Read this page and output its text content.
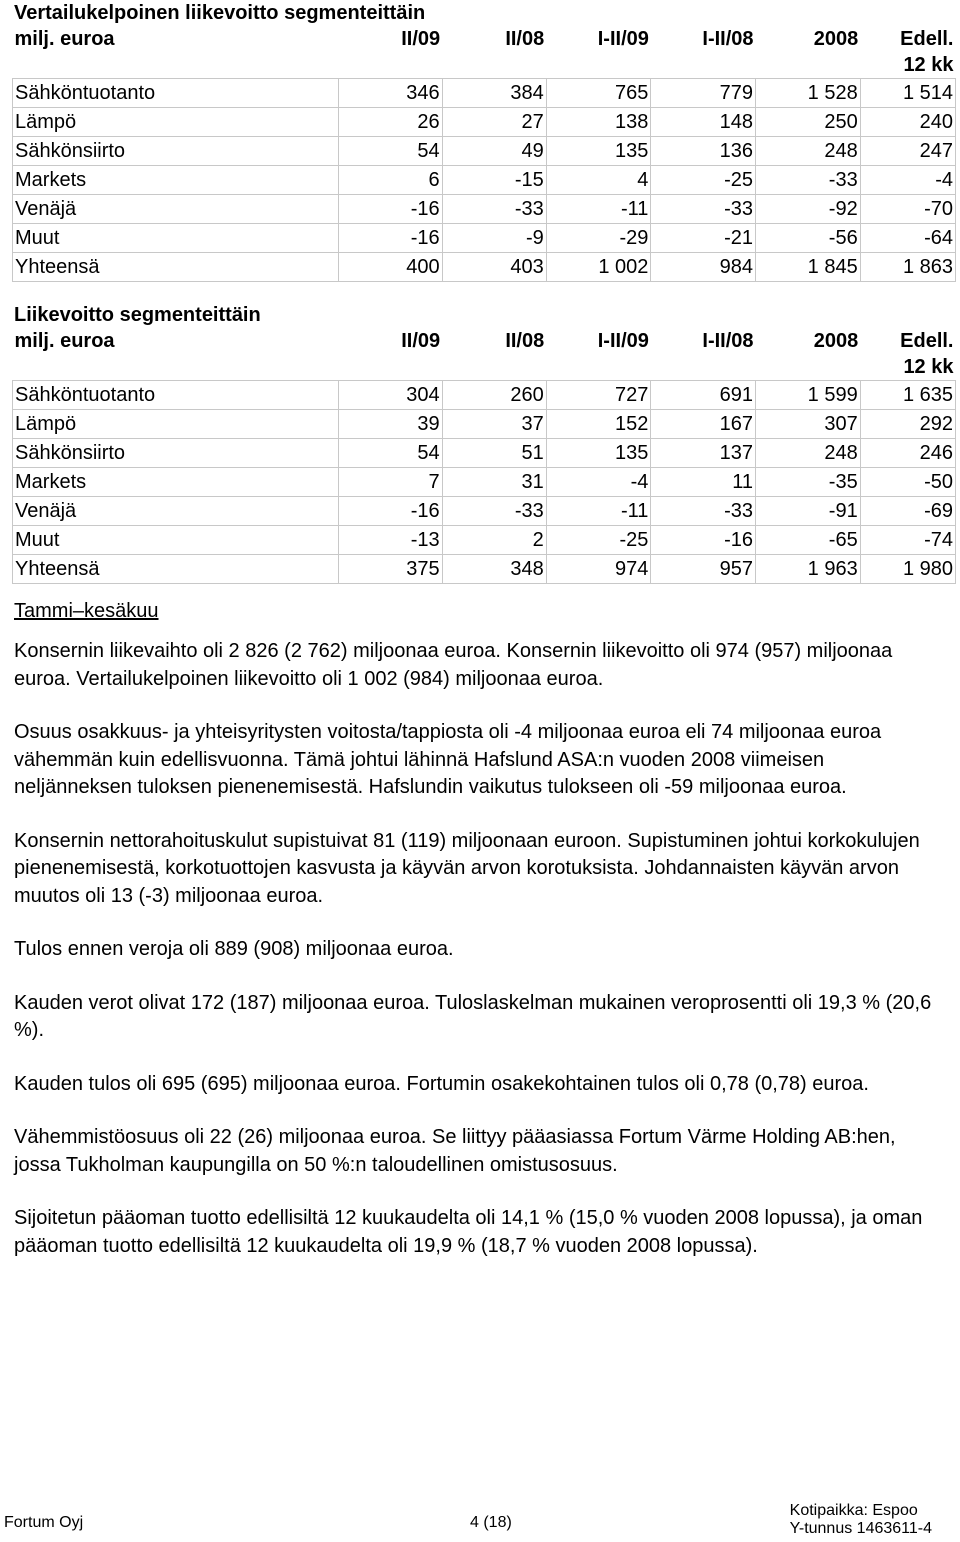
Vertailukelpoinen liikevoitto segmenteittäin
milj. euroa	II/09	II/08	I-II/09	I-II/08	2008	Edell.
12 kk
Sähköntuotanto	346	384	765	779	1 528	1 514
Lämpö	26	27	138	148	250	240
Sähkönsiirto	54	49	135	136	248	247
Markets	6	-15	4	-25	-33	-4
Venäjä	-16	-33	-11	-33	-92	-70
Muut	-16	-9	-29	-21	-56	-64
Yhteensä	400	403	1 002	984	1 845	1 863
Liikevoitto segmenteittäin
milj. euroa	II/09	II/08	I-II/09	I-II/08	2008	Edell.
12 kk
Sähköntuotanto	304	260	727	691	1 599	1 635
Lämpö	39	37	152	167	307	292
Sähkönsiirto	54	51	135	137	248	246
Markets	7	31	-4	11	-35	-50
Venäjä	-16	-33	-11	-33	-91	-69
Muut	-13	2	-25	-16	-65	-74
Yhteensä	375	348	974	957	1 963	1 980
Tammi–kesäkuu

Konsernin liikevaihto oli 2 826 (2 762) miljoonaa euroa. Konsernin liikevoitto oli 974 (957) miljoonaa euroa. Vertailukelpoinen liikevoitto oli 1 002 (984) miljoonaa euroa.

Osuus osakkuus- ja yhteisyritysten voitosta/tappiosta oli -4 miljoonaa euroa eli 74 miljoonaa euroa vähemmän kuin edellisvuonna. Tämä johtui lähinnä Hafslund ASA:n vuoden 2008 viimeisen neljänneksen tuloksen pienenemisestä. Hafslundin vaikutus tulokseen oli -59 miljoonaa euroa.

Konsernin nettorahoituskulut supistuivat 81 (119) miljoonaan euroon. Supistuminen johtui korkokulujen pienenemisestä, korkotuottojen kasvusta ja käyvän arvon korotuksista. Johdannaisten käyvän arvon muutos oli 13 (-3) miljoonaa euroa.

Tulos ennen veroja oli 889 (908) miljoonaa euroa.

Kauden verot olivat 172 (187) miljoonaa euroa. Tuloslaskelman mukainen veroprosentti oli 19,3 % (20,6 %).

Kauden tulos oli 695 (695) miljoonaa euroa. Fortumin osakekohtainen tulos oli 0,78 (0,78) euroa.

Vähemmistöosuus oli 22 (26) miljoonaa euroa. Se liittyy pääasiassa Fortum Värme Holding AB:hen, jossa Tukholman kaupungilla on 50 %:n taloudellinen omistusosuus.

Sijoitetun pääoman tuotto edellisiltä 12 kuukaudelta oli 14,1 % (15,0 % vuoden 2008 lopussa), ja oman pääoman tuotto edellisiltä 12 kuukaudelta oli 19,9 % (18,7 % vuoden 2008 lopussa).

Fortum Oyj	4 (18)
Kotipaikka: Espoo
Y-tunnus 1463611-4
